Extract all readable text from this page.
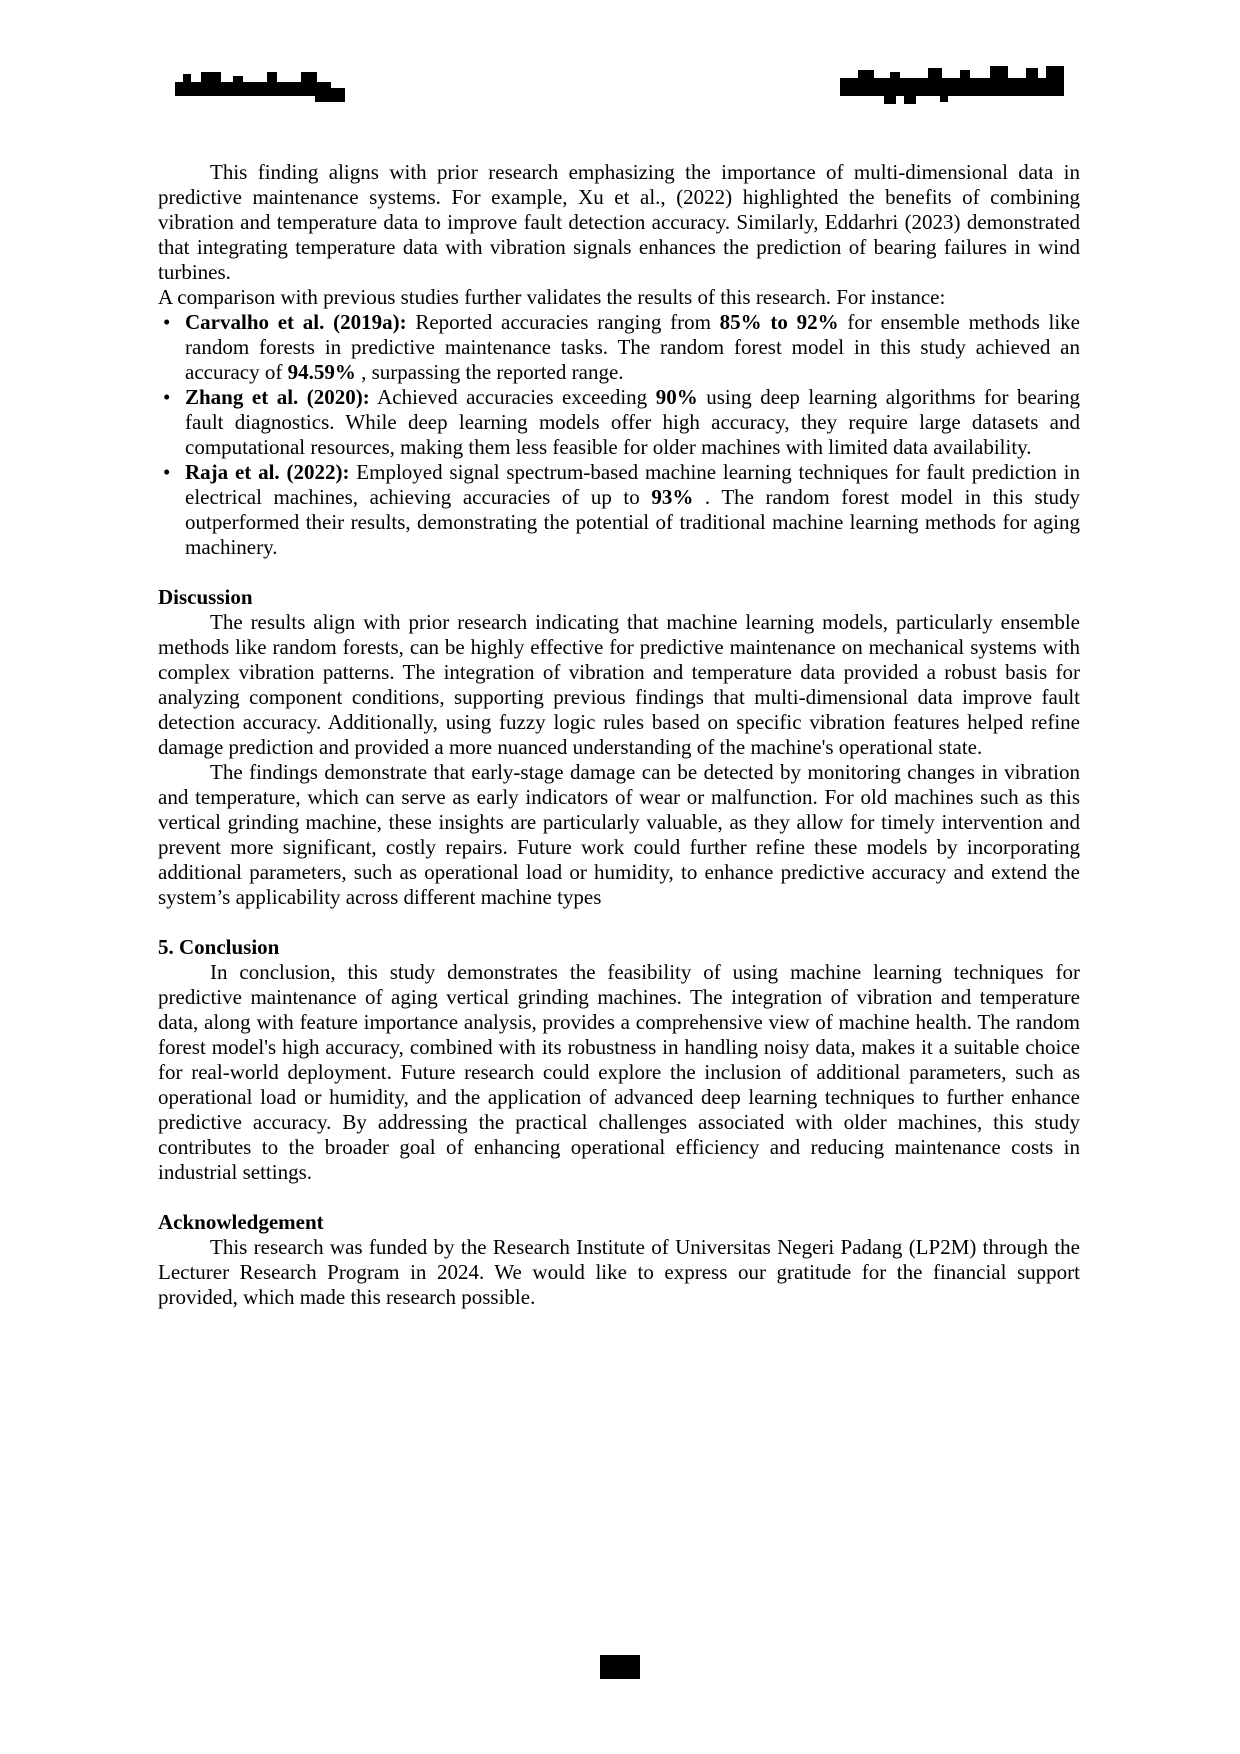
This finding aligns with prior research emphasizing the importance of multi-dimensional data in predictive maintenance systems. For example, Xu et al., (2022) highlighted the benefits of combining vibration and temperature data to improve fault detection accuracy. Similarly, Eddarhri (2023) demonstrated that integrating temperature data with vibration signals enhances the prediction of bearing failures in wind turbines.

A comparison with previous studies further validates the results of this research. For instance:

• Carvalho et al. (2019a): Reported accuracies ranging from 85% to 92% for ensemble methods like random forests in predictive maintenance tasks. The random forest model in this study achieved an accuracy of 94.59% , surpassing the reported range.
• Zhang et al. (2020): Achieved accuracies exceeding 90% using deep learning algorithms for bearing fault diagnostics. While deep learning models offer high accuracy, they require large datasets and computational resources, making them less feasible for older machines with limited data availability.
• Raja et al. (2022): Employed signal spectrum-based machine learning techniques for fault prediction in electrical machines, achieving accuracies of up to 93% . The random forest model in this study outperformed their results, demonstrating the potential of traditional machine learning methods for aging machinery.

Discussion

The results align with prior research indicating that machine learning models, particularly ensemble methods like random forests, can be highly effective for predictive maintenance on mechanical systems with complex vibration patterns. The integration of vibration and temperature data provided a robust basis for analyzing component conditions, supporting previous findings that multi-dimensional data improve fault detection accuracy. Additionally, using fuzzy logic rules based on specific vibration features helped refine damage prediction and provided a more nuanced understanding of the machine's operational state.

The findings demonstrate that early-stage damage can be detected by monitoring changes in vibration and temperature, which can serve as early indicators of wear or malfunction. For old machines such as this vertical grinding machine, these insights are particularly valuable, as they allow for timely intervention and prevent more significant, costly repairs. Future work could further refine these models by incorporating additional parameters, such as operational load or humidity, to enhance predictive accuracy and extend the system’s applicability across different machine types

5. Conclusion

In conclusion, this study demonstrates the feasibility of using machine learning techniques for predictive maintenance of aging vertical grinding machines. The integration of vibration and temperature data, along with feature importance analysis, provides a comprehensive view of machine health. The random forest model's high accuracy, combined with its robustness in handling noisy data, makes it a suitable choice for real-world deployment. Future research could explore the inclusion of additional parameters, such as operational load or humidity, and the application of advanced deep learning techniques to further enhance predictive accuracy. By addressing the practical challenges associated with older machines, this study contributes to the broader goal of enhancing operational efficiency and reducing maintenance costs in industrial settings.

Acknowledgement

This research was funded by the Research Institute of Universitas Negeri Padang (LP2M) through the Lecturer Research Program in 2024. We would like to express our gratitude for the financial support provided, which made this research possible.
